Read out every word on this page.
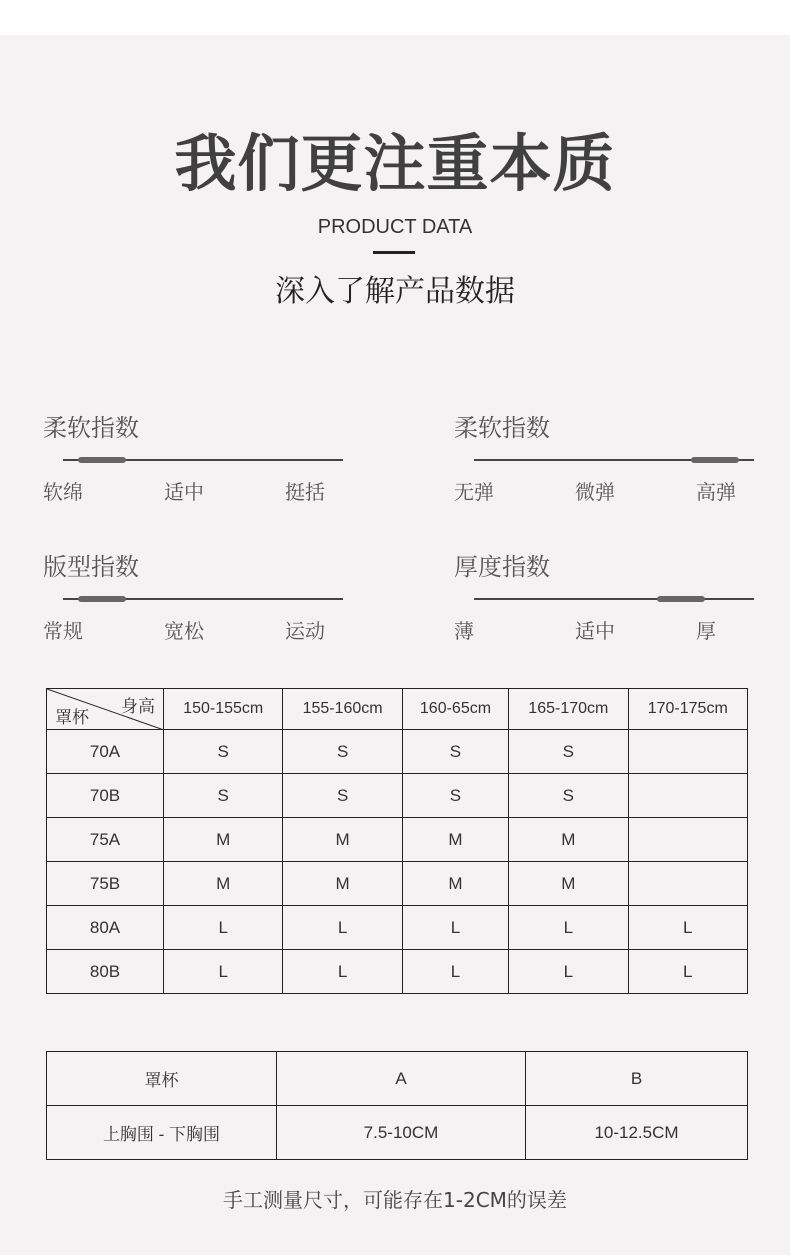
我们更注重本质
PRODUCT DATA
深入了解产品数据
柔软指数
软绵	适中	挺括
柔软指数
无弹	微弹	高弹
版型指数
常规	宽松	运动
厚度指数
薄	适中	厚
身高
罩杯	150-155cm	155-160cm	160-65cm	165-170cm	170-175cm
70A	S	S	S	S	
70B	S	S	S	S	
75A	M	M	M	M	
75B	M	M	M	M	
80A	L	L	L	L	L
80B	L	L	L	L	L
罩杯	A	B
上胸围 - 下胸围	7.5-10CM	10-12.5CM
手工测量尺寸，可能存在1-2CM的误差
